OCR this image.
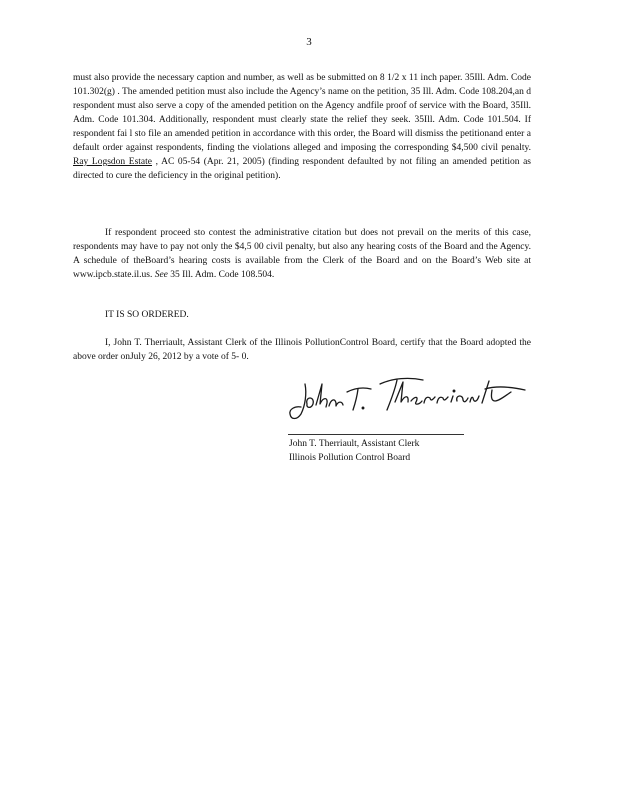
3

must also provide the necessary caption and number, as well as be submitted on 8 1/2 x 11 inch paper. 35Ill. Adm. Code 101.302(g) . The amended petition must also include the Agency’s name on the petition, 35 Ill. Adm. Code 108.204,an d respondent must also serve a copy of the amended petition on the Agency andfile proof of service with the Board, 35Ill. Adm. Code 101.304. Additionally, respondent must clearly state the relief they seek. 35Ill. Adm. Code 101.504. If respondent fai l sto file an amended petition in accordance with this order, the Board will dismiss the petitionand enter a default order against respondents, finding the violations alleged and imposing the corresponding $4,500 civil penalty. Ray Logsdon Estate , AC 05-54 (Apr. 21, 2005) (finding respondent defaulted by not filing an amended petition as directed to cure the deficiency in the original petition).

If respondent proceed sto contest the administrative citation but does not prevail on the merits of this case, respondents may have to pay not only the $4,5 00 civil penalty, but also any hearing costs of the Board and the Agency. A schedule of theBoard’s hearing costs is available from the Clerk of the Board and on the Board’s Web site at www.ipcb.state.il.us. See 35 Ill. Adm. Code 108.504.

IT IS SO ORDERED.

I, John T. Therriault, Assistant Clerk of the Illinois PollutionControl Board, certify that the Board adopted the above order onJuly 26, 2012 by a vote of 5- 0.

John T. Therriault, Assistant Clerk
Illinois Pollution Control Board
